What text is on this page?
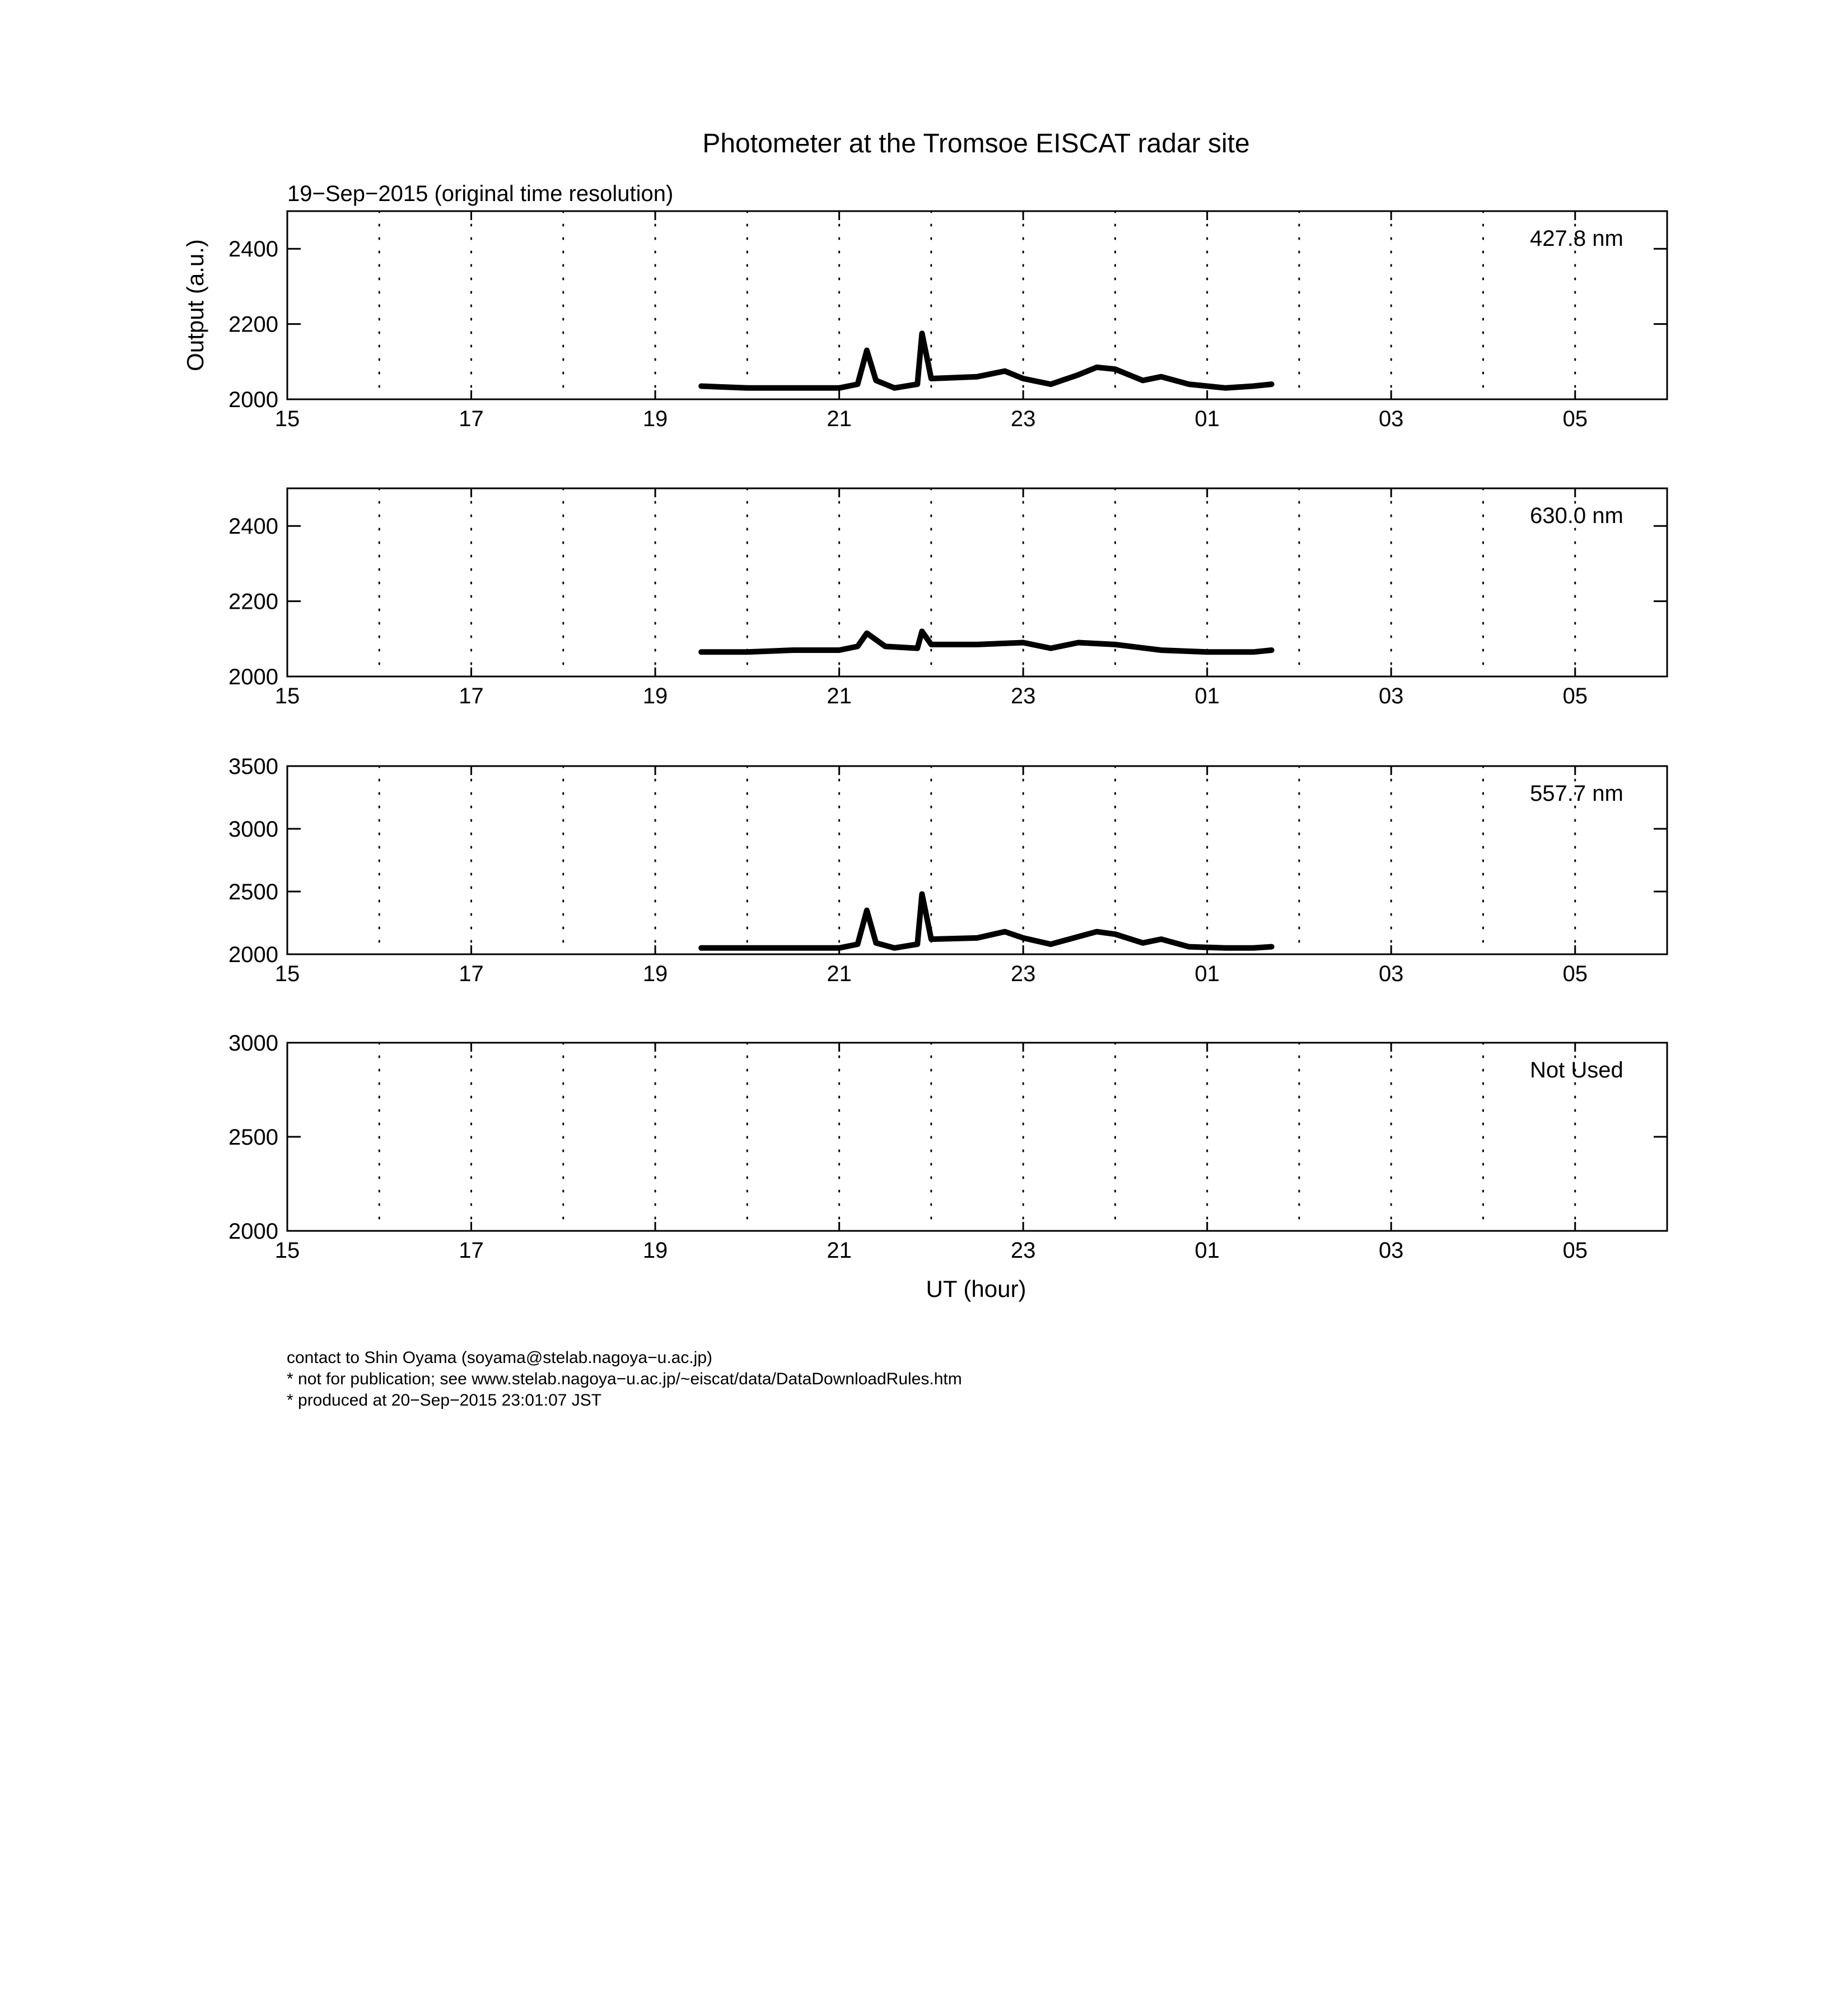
Photometer at the Tromsoe EISCAT radar site
19−Sep−2015 (original time resolution)
Output (a.u.)
UT (hour)
15	17	19	21	23	01	03	05
2000
2200
2400	427.8 nm
15	17	19	21	23	01	03	05
2000
2200
2400	630.0 nm
15	17	19	21	23	01	03	05
2000
2500
3000
3500
557.7 nm
15	17	19	21	23	01	03	05
2000
2500
3000
Not Used
contact to Shin Oyama (soyama@stelab.nagoya−u.ac.jp)
* not for publication; see www.stelab.nagoya−u.ac.jp/~eiscat/data/DataDownloadRules.htm
* produced at 20−Sep−2015 23:01:07 JST
